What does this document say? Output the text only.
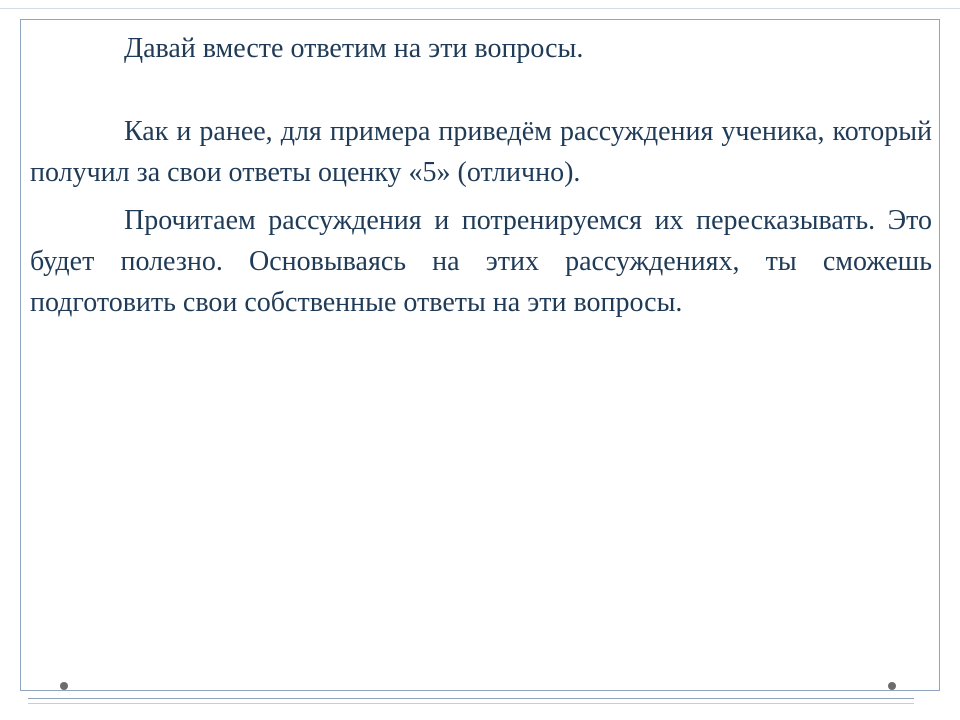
Давай вместе ответим на эти вопросы.

Как и ранее, для примера приведём рассуждения ученика, который получил за свои ответы оценку «5» (отлично).

Прочитаем рассуждения и потренируемся их пересказывать. Это будет полезно. Основываясь на этих рассуждениях, ты сможешь подготовить свои собственные ответы на эти вопросы.
